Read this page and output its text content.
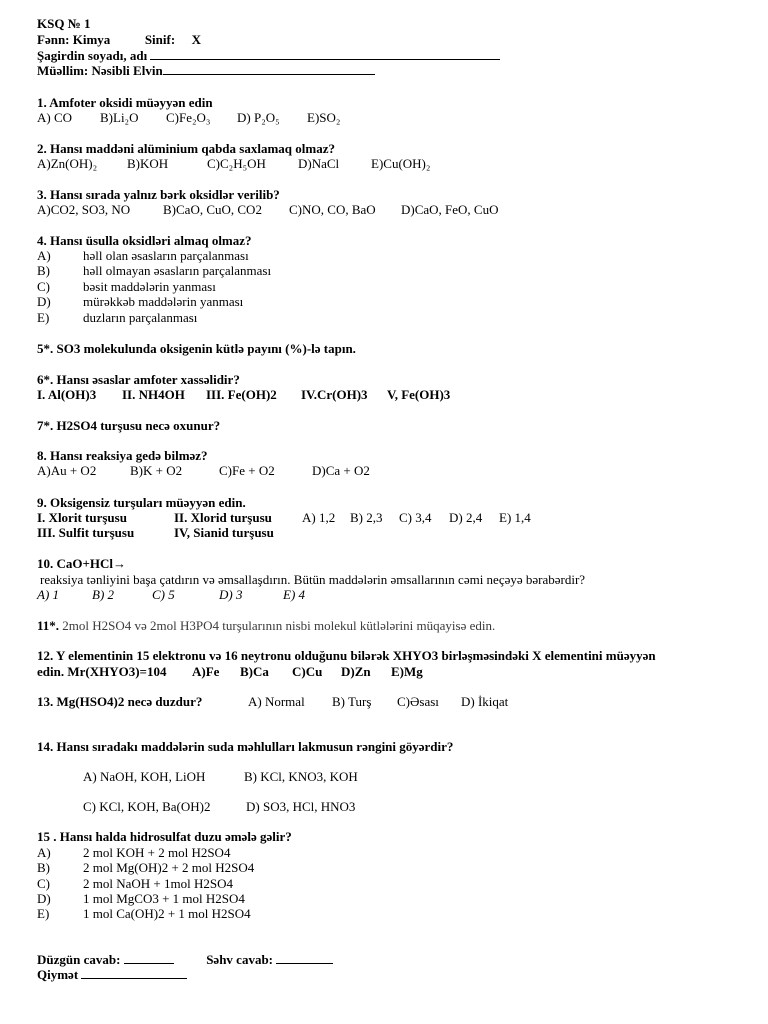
KSQ № 1
Fənn: Kimya	Sinif: X
Şagirdin soyadı, adı
Müəllim: Nəsibli Elvin
1. Amfoter oksidi müəyyən edin
A) CO B)Li₂O C)Fe₂O₃ D) P₂O₅ E)SO₂
2. Hansı maddəni alüminium qabda saxlamaq olmaz?
A)Zn(OH)₂ B)KOH	C)C₂H₅OH D)NaCl E)Cu(OH)₂
3. Hansı sırada yalnız bərk oksidlər verilib?
A)CO2, SO3, NO	B)CaO, CuO, CO2 C)NO, CO, BaO D)CaO, FeO, CuO
4. Hansı üsulla oksidləri almaq olmaz?
A) həll olan əsasların parçalanması
B)	həll olmayan əsasların parçalanması
C)	bəsit maddələrin yanması
D) mürəkkəb maddələrin yanması
E)	duzların parçalanması
5*. SO3 molekulunda oksigenin kütlə payını (%)-lə tapın.
6*. Hansı əsaslar amfoter xassəlidir?
I. Al(OH)3 II. NH4OH III. Fe(OH)2 IV.Cr(OH)3 V, Fe(OH)3
7*. H2SO4 turşusu necə oxunur?
8. Hansı reaksiya gedə bilməz?
A)Au + O2	B)K + O2	C)Fe + O2	D)Ca + O2
9. Oksigensiz turşuları müəyyən edin.
I. Xlorit turşusu	II. Xlorid turşusu A) 1,2 B) 2,3 C) 3,4 D) 2,4 E) 1,4
III. Sulfit turşusu	IV, Sianid turşusu
10. CaO+HCl→
reaksiya tənliyini başa çatdırın və əmsallaşdırın. Bütün maddələrin əmsallarının cəmi neçəyə bərabərdir?
A) 1	B) 2	C) 5	D) 3	E) 4
11*. 2mol H2SO4 və 2mol H3PO4 turşularının nisbi molekul kütlələrini müqayisə edin.
12. Y elementinin 15 elektronu və 16 neytronu olduğunu bilərək XHYO3 birləşməsindəki X elementini müəyyən
edin. Mr(XHYO3)=104 A)Fe B)Ca C)Cu D)Zn E)Mg
13. Mg(HSO4)2 necə duzdur?	A) Normal B) Turş C)Əsası D) İkiqat
14. Hansı sıradakı maddələrin suda məhlulları lakmusun rəngini göyərdir?
A) NaOH, KOH, LiOH	B) KCl, KNO3, KOH
C) KCl, KOH, Ba(OH)2	D) SO3, HCl, HNO3
15 . Hansı halda hidrosulfat duzu əmələ gəlir?
A) 2 mol KOH + 2 mol H2SO4
B)	2 mol Mg(OH)2 + 2 mol H2SO4
C)	2 mol NaOH + 1mol H2SO4
D) 1 mol MgCO3 + 1 mol H2SO4
E)	1 mol Ca(OH)2 + 1 mol H2SO4
Düzgün cavab:	Səhv cavab:
Qiymət
